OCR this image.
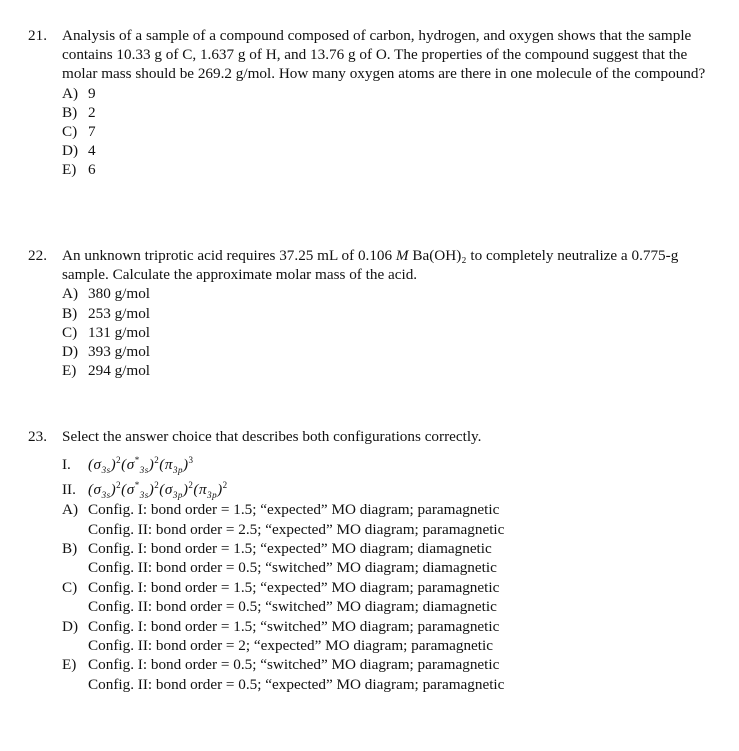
21. Analysis of a sample of a compound composed of carbon, hydrogen, and oxygen shows that the sample contains 10.33 g of C, 1.637 g of H, and 13.76 g of O. The properties of the compound suggest that the molar mass should be 269.2 g/mol. How many oxygen atoms are there in one molecule of the compound?
A) 9
B) 2
C) 7
D) 4
E) 6
22. An unknown triprotic acid requires 37.25 mL of 0.106 M Ba(OH)₂ to completely neutralize a 0.775-g sample. Calculate the approximate molar mass of the acid.
A) 380 g/mol
B) 253 g/mol
C) 131 g/mol
D) 393 g/mol
E) 294 g/mol
23. Select the answer choice that describes both configurations correctly.
I.	$(\sigma_{3s})^2(\sigma^*_{3s})^2(\pi_{3p})^3$
II. $(\sigma_{3s})^2(\sigma^*_{3s})^2(\sigma_{3p})^2(\pi_{3p})^2$
A) Config. I: bond order = 1.5; “expected” MO diagram; paramagnetic
Config. II: bond order = 2.5; “expected” MO diagram; paramagnetic
B) Config. I: bond order = 1.5; “expected” MO diagram; diamagnetic
Config. II: bond order = 0.5; “switched” MO diagram; diamagnetic
C) Config. I: bond order = 1.5; “expected” MO diagram; paramagnetic
Config. II: bond order = 0.5; “switched” MO diagram; diamagnetic
D) Config. I: bond order = 1.5; “switched” MO diagram; paramagnetic
Config. II: bond order = 2; “expected” MO diagram; paramagnetic
E) Config. I: bond order = 0.5; “switched” MO diagram; paramagnetic
Config. II: bond order = 0.5; “expected” MO diagram; paramagnetic
